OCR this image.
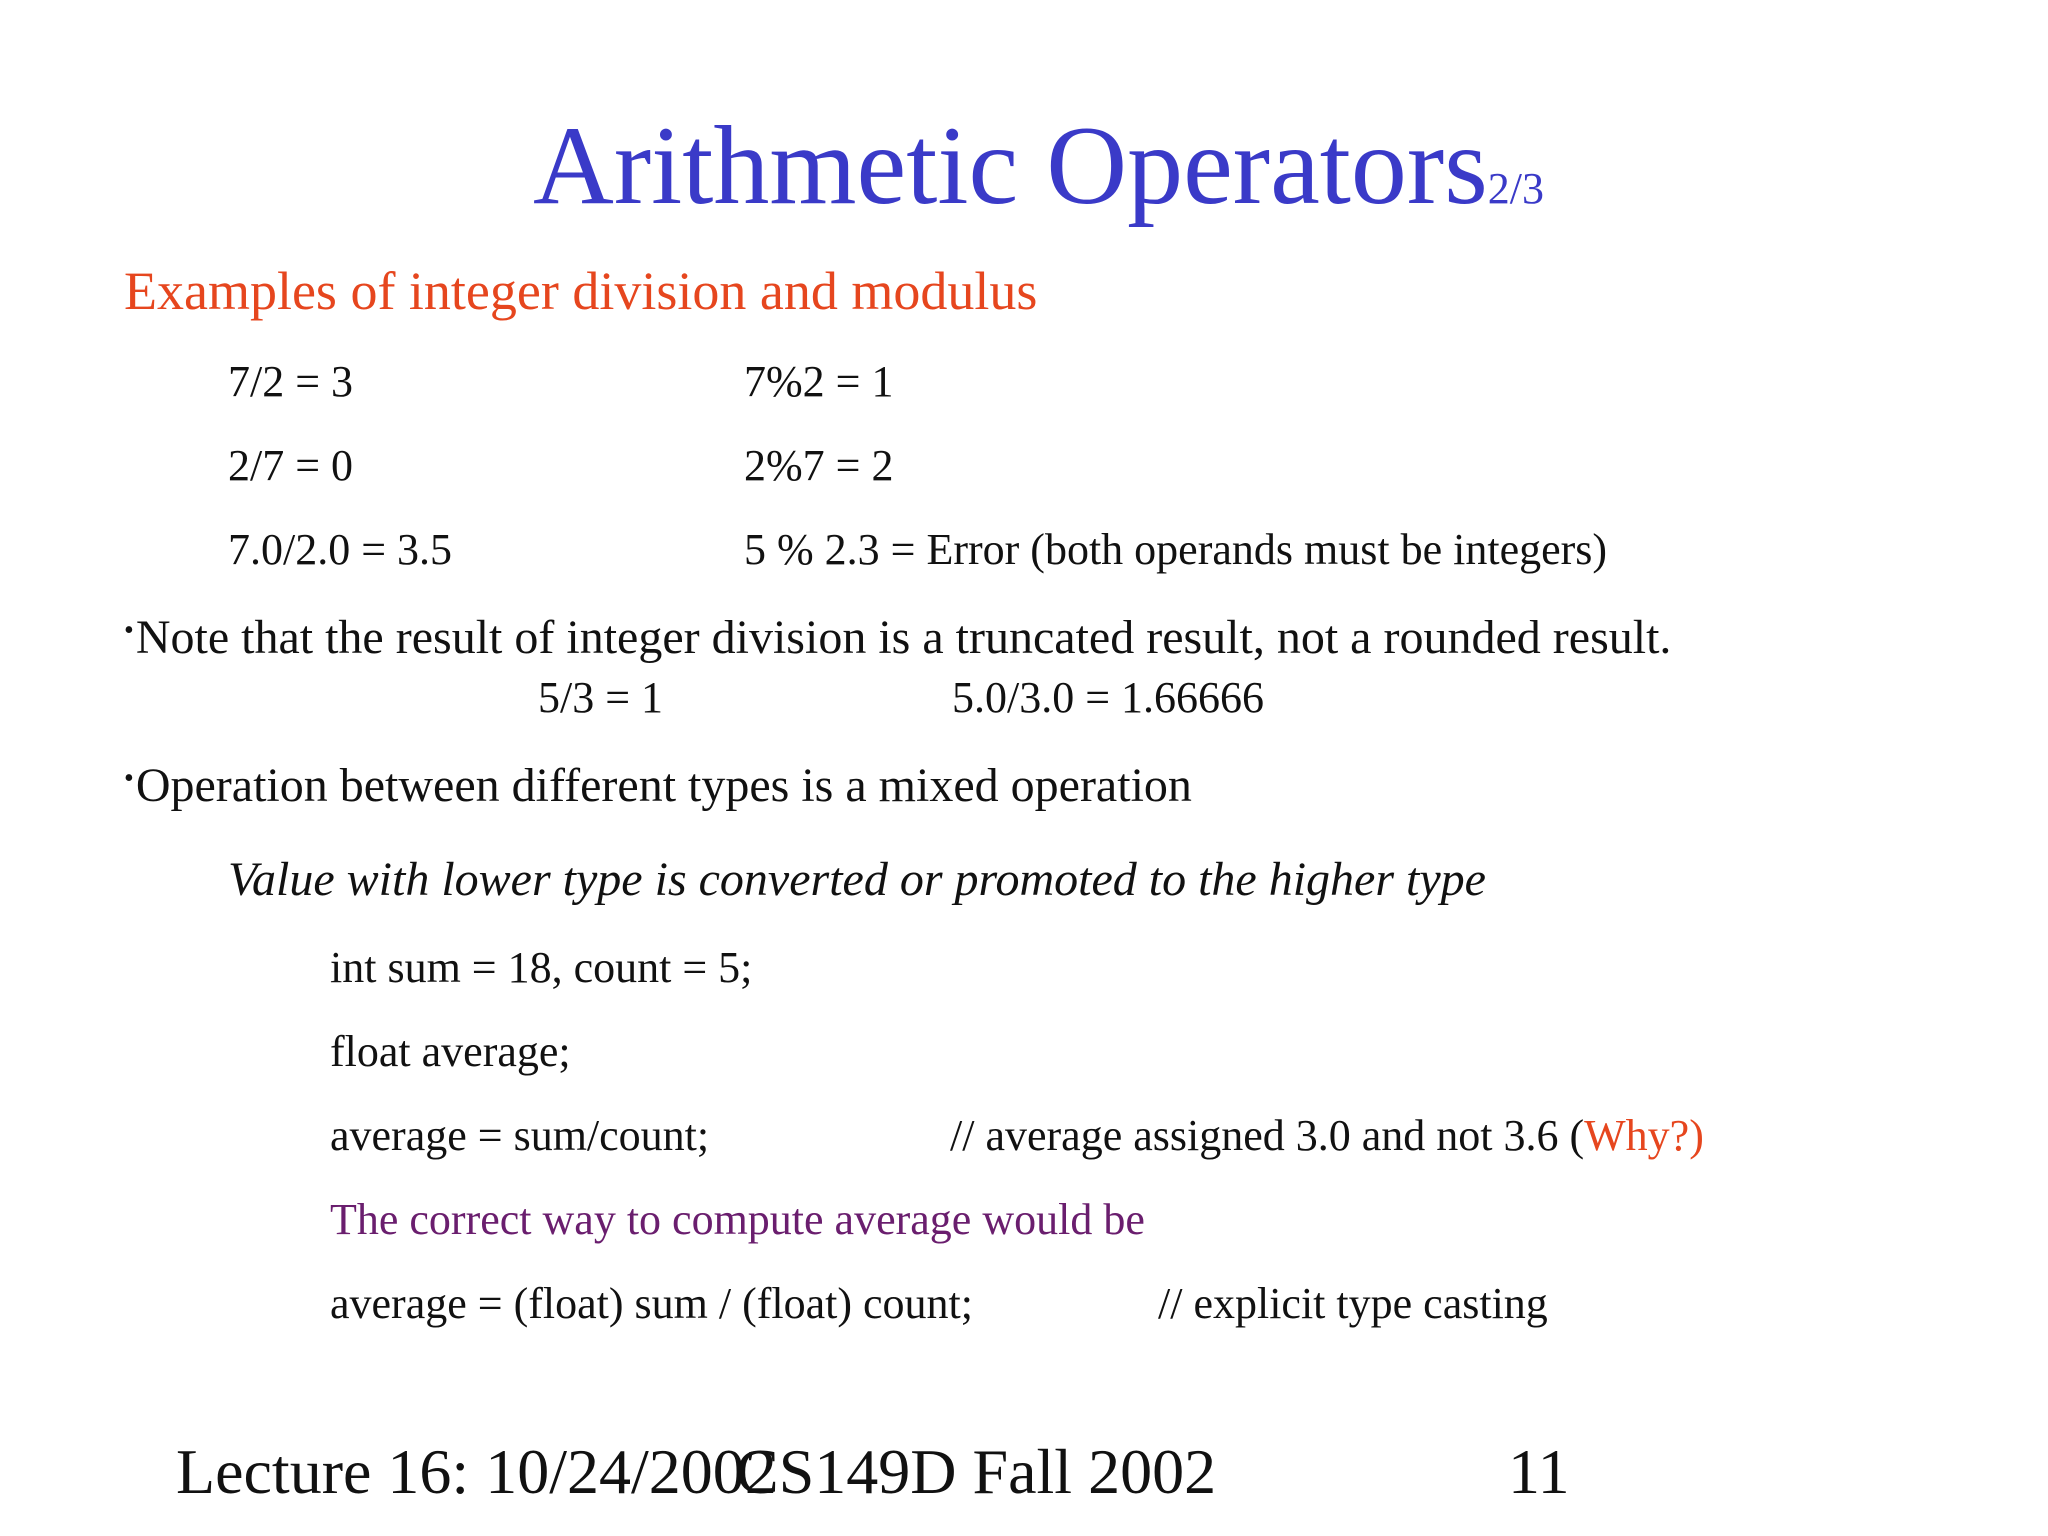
Arithmetic Operators2/3
Examples of integer division and modulus
7/2 = 3	7%2 = 1
2/7 = 0	2%7 = 2
7.0/2.0 = 3.5	5 % 2.3 = Error (both operands must be integers)
•Note that the result of integer division is a truncated result, not a rounded result.
5/3 = 1	5.0/3.0 = 1.66666
•Operation between different types is a mixed operation
Value with lower type is converted or promoted to the higher type
int sum = 18, count = 5;
float average;
average = sum/count;	// average assigned 3.0 and not 3.6 (Why?)
The correct way to compute average would be
average = (float) sum / (float) count;	// explicit type casting
Lecture 16: 10/24/2002
CS149D Fall 2002	11
